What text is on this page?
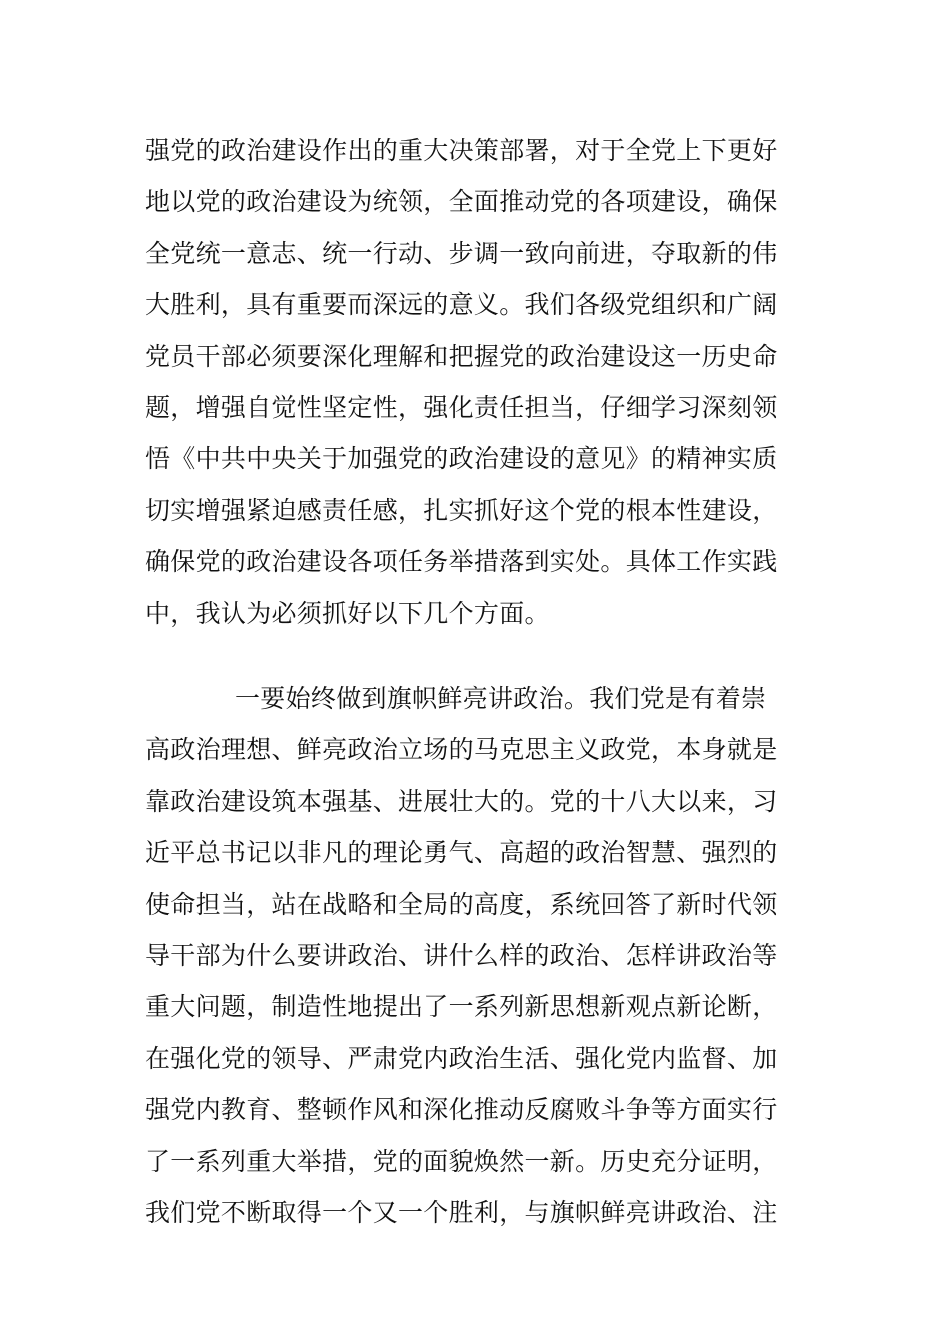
强党的政治建设作出的重大决策部署，对于全党上下更好
地以党的政治建设为统领，全面推动党的各项建设，确保
全党统一意志、统一行动、步调一致向前进，夺取新的伟
大胜利，具有重要而深远的意义。我们各级党组织和广阔
党员干部必须要深化理解和把握党的政治建设这一历史命
题，增强自觉性坚定性，强化责任担当，仔细学习深刻领
悟《中共中央关于加强党的政治建设的意见》的精神实质
切实增强紧迫感责任感，扎实抓好这个党的根本性建设，
确保党的政治建设各项任务举措落到实处。具体工作实践
中，我认为必须抓好以下几个方面。
一要始终做到旗帜鲜亮讲政治。我们党是有着崇
高政治理想、鲜亮政治立场的马克思主义政党，本身就是
靠政治建设筑本强基、进展壮大的。党的十八大以来，习
近平总书记以非凡的理论勇气、高超的政治智慧、强烈的
使命担当，站在战略和全局的高度，系统回答了新时代领
导干部为什么要讲政治、讲什么样的政治、怎样讲政治等
重大问题，制造性地提出了一系列新思想新观点新论断，
在强化党的领导、严肃党内政治生活、强化党内监督、加
强党内教育、整顿作风和深化推动反腐败斗争等方面实行
了一系列重大举措，党的面貌焕然一新。历史充分证明，
我们党不断取得一个又一个胜利，与旗帜鲜亮讲政治、注
